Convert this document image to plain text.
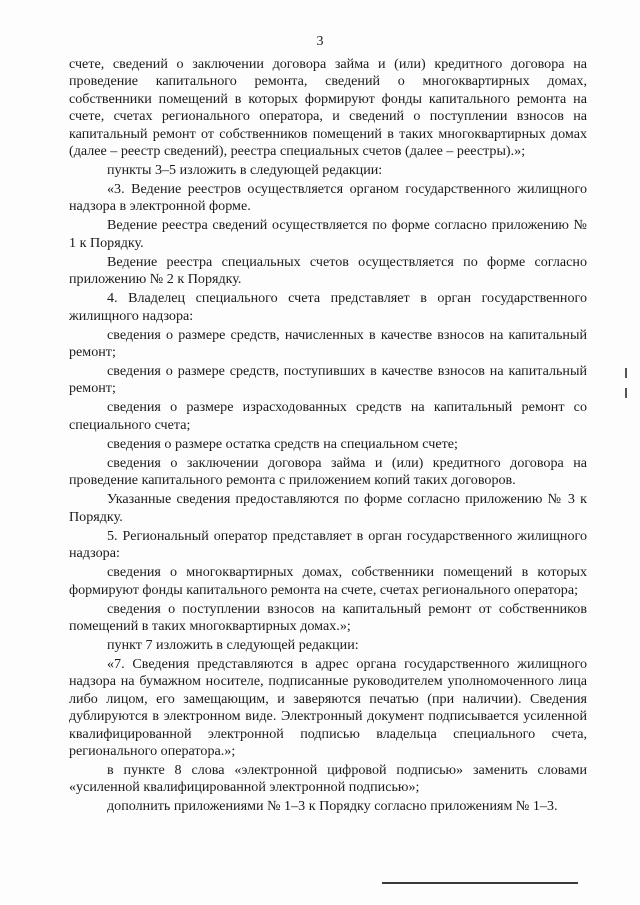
3

счете, сведений о заключении договора займа и (или) кредитного договора на проведение капитального ремонта, сведений о многоквартирных домах, собственники помещений в которых формируют фонды капитального ремонта на счете, счетах регионального оператора, и сведений о поступлении взносов на капитальный ремонт от собственников помещений в таких многоквартирных домах (далее – реестр сведений), реестра специальных счетов (далее – реестры).»;

пункты 3–5 изложить в следующей редакции:

«3. Ведение реестров осуществляется органом государственного жилищного надзора в электронной форме.

Ведение реестра сведений осуществляется по форме согласно приложению № 1 к Порядку.

Ведение реестра специальных счетов осуществляется по форме согласно приложению № 2 к Порядку.

4. Владелец специального счета представляет в орган государственного жилищного надзора:

сведения о размере средств, начисленных в качестве взносов на капитальный ремонт;

сведения о размере средств, поступивших в качестве взносов на капитальный ремонт;

сведения о размере израсходованных средств на капитальный ремонт со специального счета;

сведения о размере остатка средств на специальном счете;

сведения о заключении договора займа и (или) кредитного договора на проведение капитального ремонта с приложением копий таких договоров.

Указанные сведения предоставляются по форме согласно приложению № 3 к Порядку.

5. Региональный оператор представляет в орган государственного жилищного надзора:

сведения о многоквартирных домах, собственники помещений в которых формируют фонды капитального ремонта на счете, счетах регионального оператора;

сведения о поступлении взносов на капитальный ремонт от собственников помещений в таких многоквартирных домах.»;

пункт 7 изложить в следующей редакции:

«7. Сведения представляются в адрес органа государственного жилищного надзора на бумажном носителе, подписанные руководителем уполномоченного лица либо лицом, его замещающим, и заверяются печатью (при наличии). Сведения дублируются в электронном виде. Электронный документ подписывается усиленной квалифицированной электронной подписью владельца специального счета, регионального оператора.»;

в пункте 8 слова «электронной цифровой подписью» заменить словами «усиленной квалифицированной электронной подписью»;

дополнить приложениями № 1–3 к Порядку согласно приложениям № 1–3.
